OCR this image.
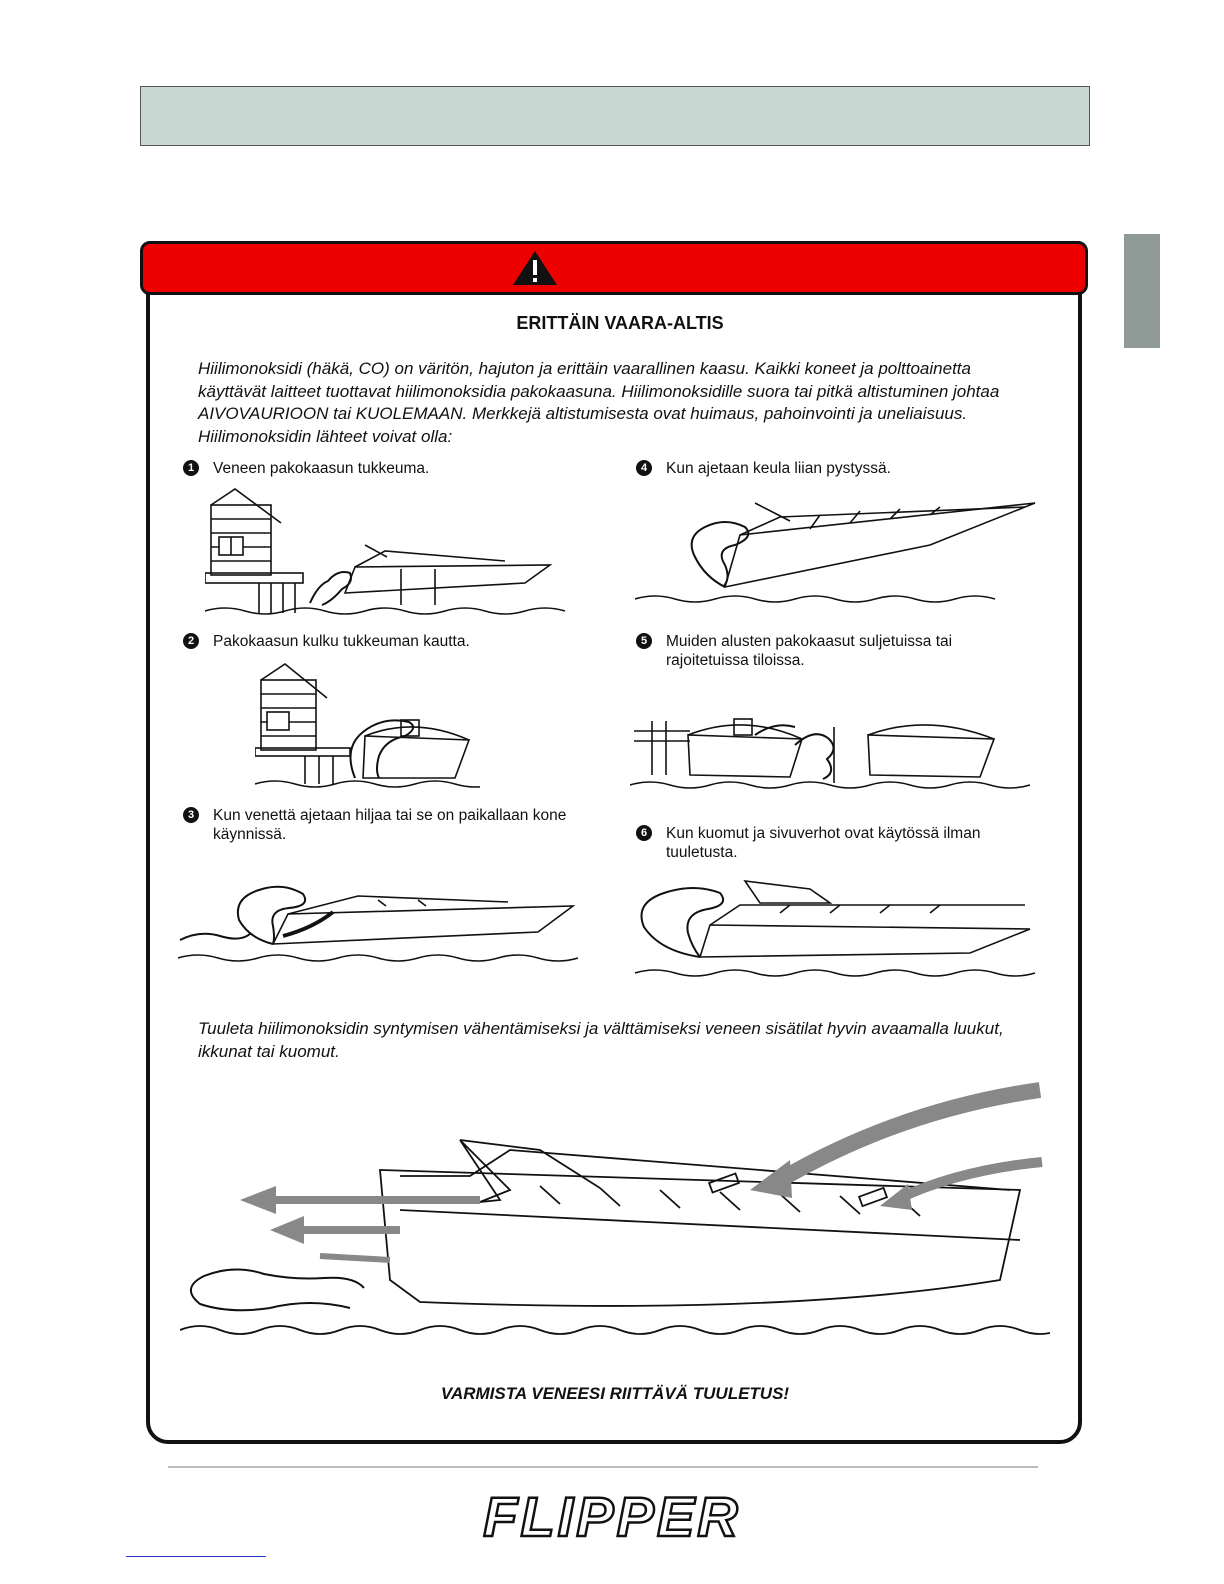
ERITTÄIN VAARA-ALTIS
Hiilimonoksidi (häkä, CO) on väritön, hajuton ja erittäin vaarallinen kaasu. Kaikki koneet ja polttoainetta käyttävät laitteet tuottavat hiilimonoksidia pakokaasuna. Hiilimonoksidille suora tai pitkä altistuminen johtaa AIVOVAURIOON tai KUOLEMAAN. Merkkejä altistumisesta ovat huimaus, pahoinvointi ja uneliaisuus. Hiilimonoksidin lähteet voivat olla:
1	Veneen pakokaasun tukkeuma.	4	Kun ajetaan keula liian pystyssä.
2	Pakokaasun kulku tukkeuman kautta.	5	Muiden alusten pakokaasut suljetuissa tai rajoitetuissa tiloissa.
3	Kun venettä ajetaan hiljaa tai se on paikallaan kone käynnissä.	6	Kun kuomut ja sivuverhot ovat käytössä ilman tuuletusta.
Tuuleta hiilimonoksidin syntymisen vähentämiseksi ja välttämiseksi veneen sisätilat hyvin avaamalla luukut, ikkunat tai kuomut.
VARMISTA VENEESI RIITTÄVÄ TUULETUS!
FLIPPER
